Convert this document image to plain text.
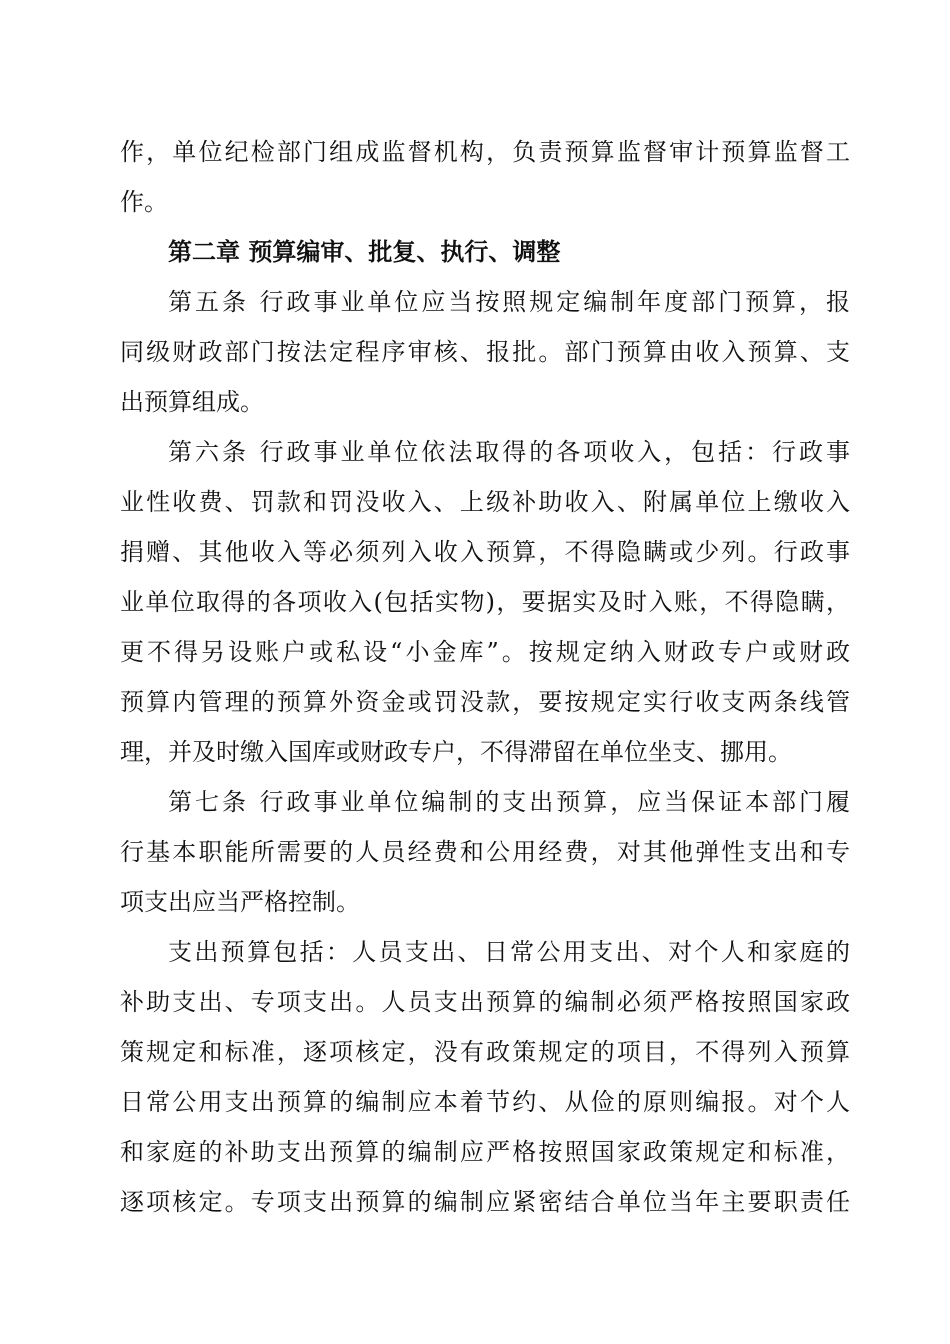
作，单位纪检部门组成监督机构，负责预算监督审计预算监督工
作。
第二章 预算编审、批复、执行、调整
第五条 行政事业单位应当按照规定编制年度部门预算，报
同级财政部门按法定程序审核、报批。部门预算由收入预算、支
出预算组成。
第六条 行政事业单位依法取得的各项收入，包括：行政事
业性收费、罚款和罚没收入、上级补助收入、附属单位上缴收入
捐赠、其他收入等必须列入收入预算，不得隐瞒或少列。行政事
业单位取得的各项收入(包括实物)，要据实及时入账，不得隐瞒，
更不得另设账户或私设“小金库”。按规定纳入财政专户或财政
预算内管理的预算外资金或罚没款，要按规定实行收支两条线管
理，并及时缴入国库或财政专户，不得滞留在单位坐支、挪用。
第七条 行政事业单位编制的支出预算，应当保证本部门履
行基本职能所需要的人员经费和公用经费，对其他弹性支出和专
项支出应当严格控制。
支出预算包括：人员支出、日常公用支出、对个人和家庭的
补助支出、专项支出。人员支出预算的编制必须严格按照国家政
策规定和标准，逐项核定，没有政策规定的项目，不得列入预算
日常公用支出预算的编制应本着节约、从俭的原则编报。对个人
和家庭的补助支出预算的编制应严格按照国家政策规定和标准，
逐项核定。专项支出预算的编制应紧密结合单位当年主要职责任
